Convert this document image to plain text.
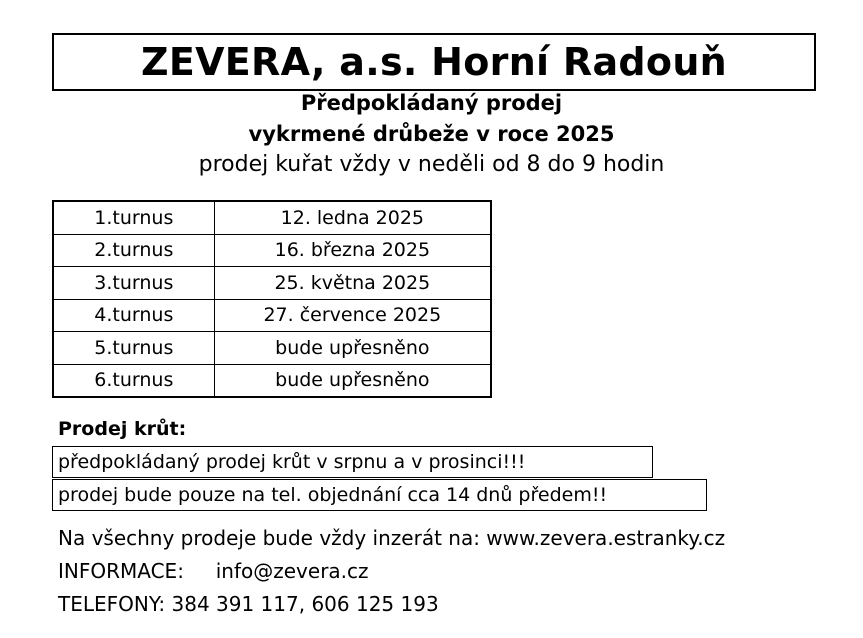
ZEVERA, a.s. Horní Radouň
Předpokládaný prodej
vykrmené drůbeže v roce 2025
prodej kuřat vždy v neděli od 8 do 9 hodin
1.turnus	12. ledna 2025
2.turnus	16. března 2025
3.turnus	25. května 2025
4.turnus	27. července 2025
5.turnus	bude upřesněno
6.turnus	bude upřesněno
Prodej krůt:
předpokládaný prodej krůt v srpnu a v prosinci!!!
prodej bude pouze na tel. objednání cca 14 dnů předem!!
Na všechny prodeje bude vždy inzerát na: www.zevera.estranky.cz
INFORMACE: info@zevera.cz
TELEFONY: 384 391 117, 606 125 193
